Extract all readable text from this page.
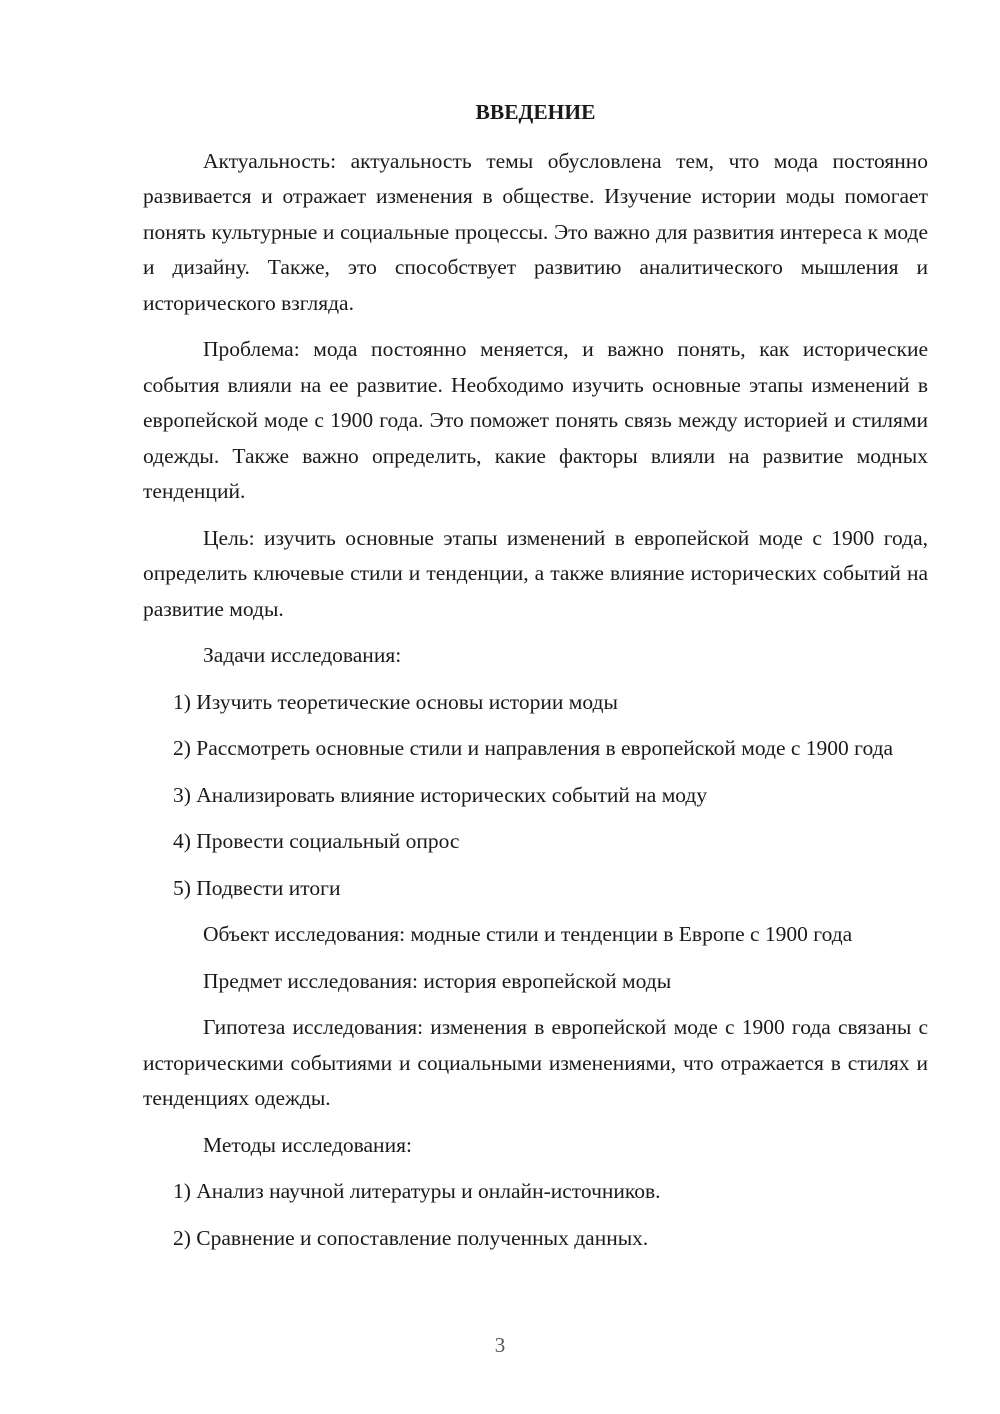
ВВЕДЕНИЕ

Актуальность: актуальность темы обусловлена тем, что мода постоянно развивается и отражает изменения в обществе. Изучение истории моды помогает понять культурные и социальные процессы. Это важно для развития интереса к моде и дизайну. Также, это способствует развитию аналитического мышления и исторического взгляда.

Проблема: мода постоянно меняется, и важно понять, как исторические события влияли на ее развитие. Необходимо изучить основные этапы изменений в европейской моде с 1900 года. Это поможет понять связь между историей и стилями одежды. Также важно определить, какие факторы влияли на развитие модных тенденций.

Цель: изучить основные этапы изменений в европейской моде с 1900 года, определить ключевые стили и тенденции, а также влияние исторических событий на развитие моды.

Задачи исследования:

1) Изучить теоретические основы истории моды

2) Рассмотреть основные стили и направления в европейской моде с 1900 года

3) Анализировать влияние исторических событий на моду

4) Провести социальный опрос

5) Подвести итоги

Объект исследования: модные стили и тенденции в Европе с 1900 года

Предмет исследования: история европейской моды

Гипотеза исследования: изменения в европейской моде с 1900 года связаны с историческими событиями и социальными изменениями, что отражается в стилях и тенденциях одежды.

Методы исследования:

1) Анализ научной литературы и онлайн-источников.

2) Сравнение и сопоставление полученных данных.

3
